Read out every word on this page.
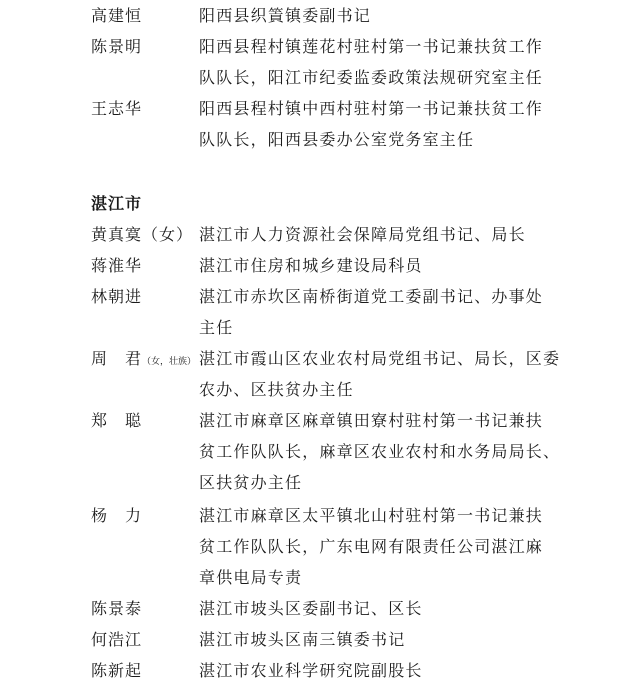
高建恒	阳西县织篢镇委副书记
陈景明	阳西县程村镇莲花村驻村第一书记兼扶贫工作
队队长，阳江市纪委监委政策法规研究室主任
王志华	阳西县程村镇中西村驻村第一书记兼扶贫工作
队队长，阳西县委办公室党务室主任
湛江市
黄真寞（女） 湛江市人力资源社会保障局党组书记、局长
蒋淮华	湛江市住房和城乡建设局科员
林朝进	湛江市赤坎区南桥街道党工委副书记、办事处
主任
周　君（女，壮族） 湛江市霞山区农业农村局党组书记、局长，区委
农办、区扶贫办主任
郑　聪	湛江市麻章区麻章镇田寮村驻村第一书记兼扶
贫工作队队长，麻章区农业农村和水务局局长、
区扶贫办主任
杨　力	湛江市麻章区太平镇北山村驻村第一书记兼扶
贫工作队队长，广东电网有限责任公司湛江麻
章供电局专责
陈景泰	湛江市坡头区委副书记、区长
何浩江	湛江市坡头区南三镇委书记
陈新起	湛江市农业科学研究院副股长
